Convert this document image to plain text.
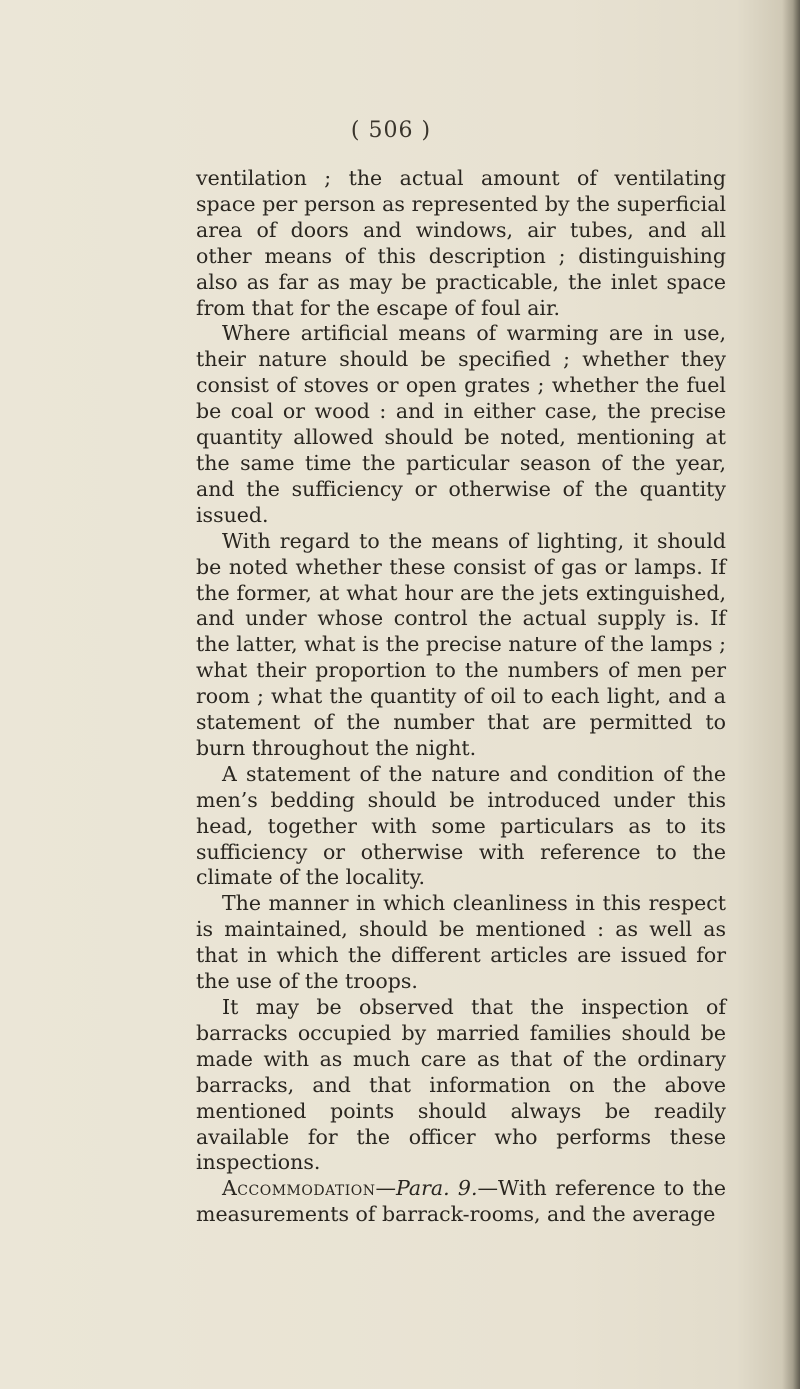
( 506 )

ventilation ; the actual amount of ventilating space per person as represented by the superficial area of doors and windows, air tubes, and all other means of this description ; distinguishing also as far as may be practicable, the inlet space from that for the escape of foul air.

Where artificial means of warming are in use, their nature should be specified ; whether they consist of stoves or open grates ; whether the fuel be coal or wood : and in either case, the precise quantity allowed should be noted, mentioning at the same time the particular season of the year, and the sufficiency or otherwise of the quantity issued.

With regard to the means of lighting, it should be noted whether these consist of gas or lamps. If the former, at what hour are the jets extinguished, and under whose control the actual supply is. If the latter, what is the precise nature of the lamps ; what their proportion to the numbers of men per room ; what the quantity of oil to each light, and a statement of the number that are permitted to burn throughout the night.

A statement of the nature and condition of the men’s bedding should be introduced under this head, together with some particulars as to its sufficiency or otherwise with reference to the climate of the locality.

The manner in which cleanliness in this respect is maintained, should be mentioned : as well as that in which the different articles are issued for the use of the troops.

It may be observed that the inspection of barracks occupied by married families should be made with as much care as that of the ordinary barracks, and that information on the above mentioned points should always be readily available for the officer who performs these inspections.

Accommodation—Para. 9.—With reference to the measurements of barrack-rooms, and the average
